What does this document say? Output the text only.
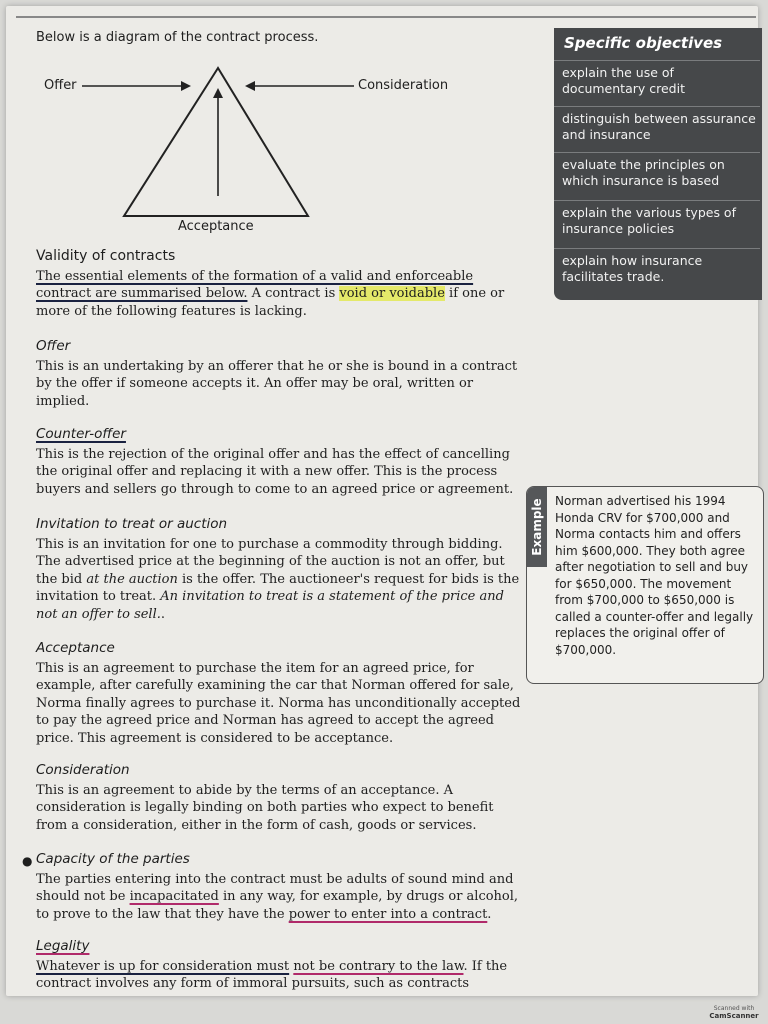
Below is a diagram of the contract process.
Offer	Consideration
Acceptance
Validity of contracts
The essential elements of the formation of a valid and enforceable contract are summarised below. A contract is void or voidable if one or more of the following features is lacking.
Offer
This is an undertaking by an offerer that he or she is bound in a contract by the offer if someone accepts it. An offer may be oral, written or implied.
Counter-offer
This is the rejection of the original offer and has the effect of cancelling the original offer and replacing it with a new offer. This is the process buyers and sellers go through to come to an agreed price or agreement.
Invitation to treat or auction
This is an invitation for one to purchase a commodity through bidding. The advertised price at the beginning of the auction is not an offer, but the bid at the auction is the offer. The auctioneer's request for bids is the invitation to treat. An invitation to treat is a statement of the price and not an offer to sell..
Acceptance
This is an agreement to purchase the item for an agreed price, for example, after carefully examining the car that Norman offered for sale, Norma finally agrees to purchase it. Norma has unconditionally accepted to pay the agreed price and Norman has agreed to accept the agreed price. This agreement is considered to be acceptance.
Consideration
This is an agreement to abide by the terms of an acceptance. A consideration is legally binding on both parties who expect to benefit from a consideration, either in the form of cash, goods or services.
● Capacity of the parties
The parties entering into the contract must be adults of sound mind and should not be incapacitated in any way, for example, by drugs or alcohol, to prove to the law that they have the power to enter into a contract.
Legality
Whatever is up for consideration must not be contrary to the law. If the contract involves any form of immoral pursuits, such as contracts
Specific objectives
explain the use of documentary credit
distinguish between assurance and insurance
evaluate the principles on which insurance is based
explain the various types of insurance policies
explain how insurance facilitates trade.
Example Norman advertised his 1994 Honda CRV for $700,000 and Norma contacts him and offers him $600,000. They both agree after negotiation to sell and buy for $650,000. The movement from $700,000 to $650,000 is called a counter-offer and legally replaces the original offer of $700,000.
Scanned with
CamScanner
